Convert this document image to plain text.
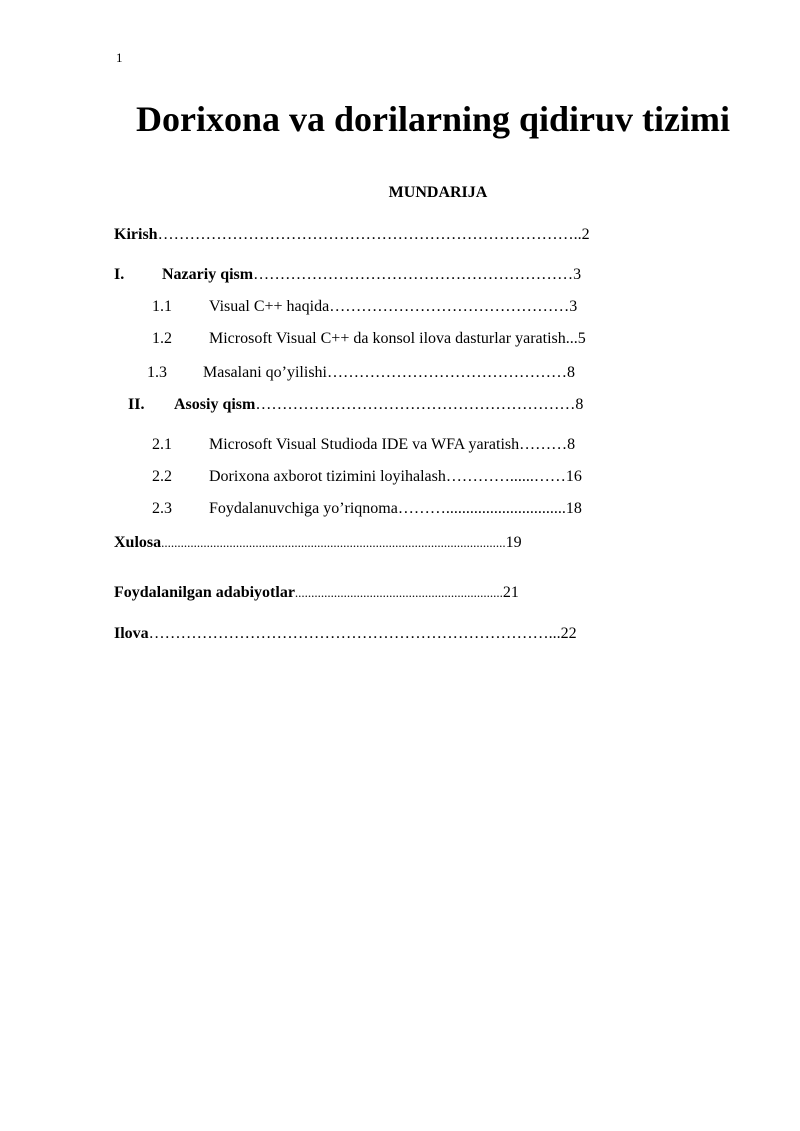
1
Dorixona va dorilarning qidiruv tizimi
MUNDARIJA
Kirish……………………………………………………………………..2
I. Nazariy qism……………………………………………………3
1.1 Visual C++ haqida………………………………………3
1.2 Microsoft Visual C++ da konsol ilova dasturlar yaratish...5
1.3 Masalani qo’yilishi………………………………………8
II. Asosiy qism……………………………………………………8
2.1 Microsoft Visual Studioda IDE va WFA yaratish………8
2.2 Dorixona axborot tizimini loyihalash…………......……16
2.3 Foydalanuvchiga yo’riqnoma………..............................18
Xulosa..........................................................................................................19
Foydalanilgan adabiyotlar................................................................21
Ilova…………………………………………………………………...22
